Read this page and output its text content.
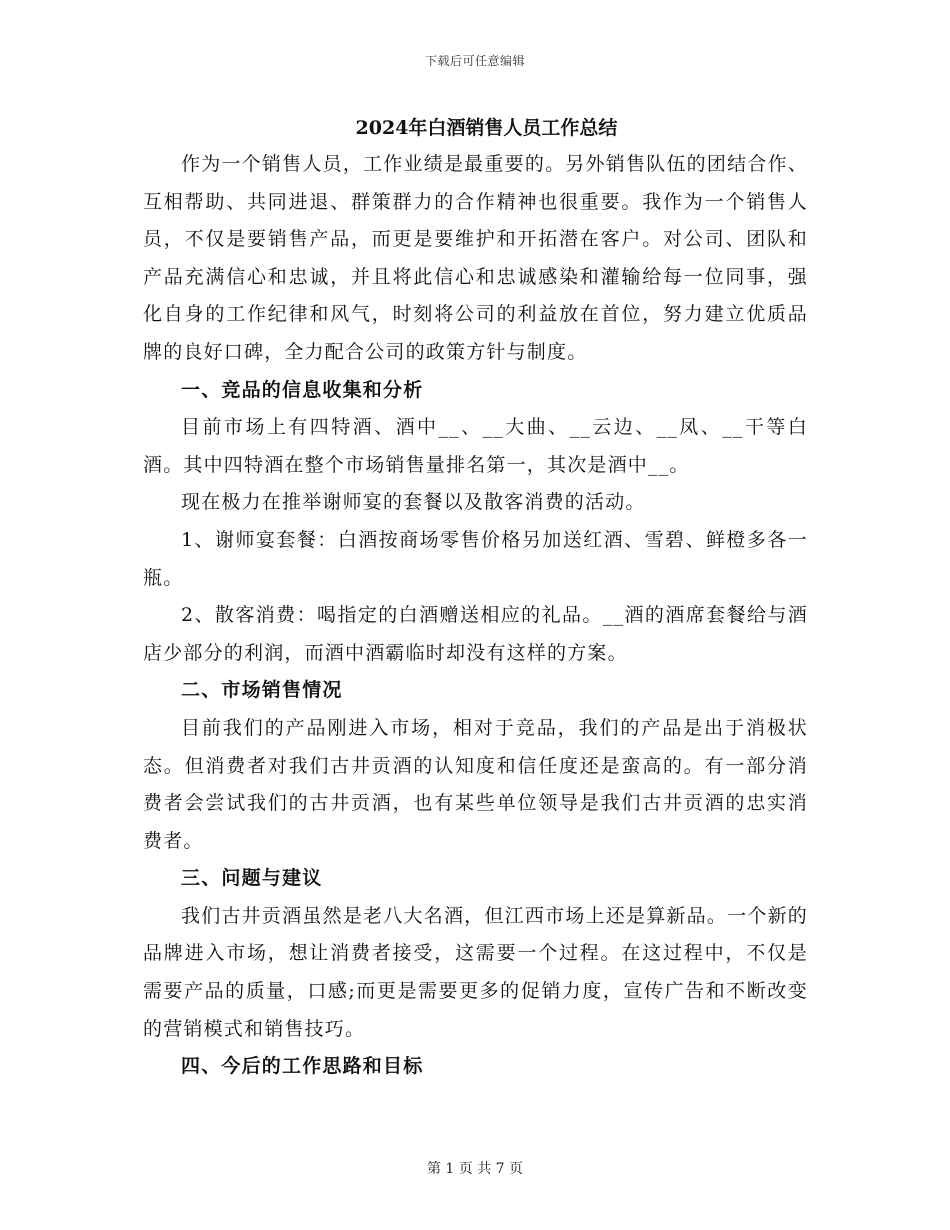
下载后可任意编辑
2024年白酒销售人员工作总结

作为一个销售人员，工作业绩是最重要的。另外销售队伍的团结合作、互相帮助、共同进退、群策群力的合作精神也很重要。我作为一个销售人员，不仅是要销售产品，而更是要维护和开拓潜在客户。对公司、团队和产品充满信心和忠诚，并且将此信心和忠诚感染和灌输给每一位同事，强化自身的工作纪律和风气，时刻将公司的利益放在首位，努力建立优质品牌的良好口碑，全力配合公司的政策方针与制度。

一、竞品的信息收集和分析

目前市场上有四特酒、酒中__、__大曲、__云边、__凤、__干等白酒。其中四特酒在整个市场销售量排名第一，其次是酒中__。

现在极力在推举谢师宴的套餐以及散客消费的活动。

1、谢师宴套餐：白酒按商场零售价格另加送红酒、雪碧、鲜橙多各一瓶。

2、散客消费：喝指定的白酒赠送相应的礼品。__酒的酒席套餐给与酒店少部分的利润，而酒中酒霸临时却没有这样的方案。

二、市场销售情况

目前我们的产品刚进入市场，相对于竞品，我们的产品是出于消极状态。但消费者对我们古井贡酒的认知度和信任度还是蛮高的。有一部分消费者会尝试我们的古井贡酒，也有某些单位领导是我们古井贡酒的忠实消费者。

三、问题与建议

我们古井贡酒虽然是老八大名酒，但江西市场上还是算新品。一个新的品牌进入市场，想让消费者接受，这需要一个过程。在这过程中，不仅是需要产品的质量，口感;而更是需要更多的促销力度，宣传广告和不断改变的营销模式和销售技巧。

四、今后的工作思路和目标

第 1 页 共 7 页
